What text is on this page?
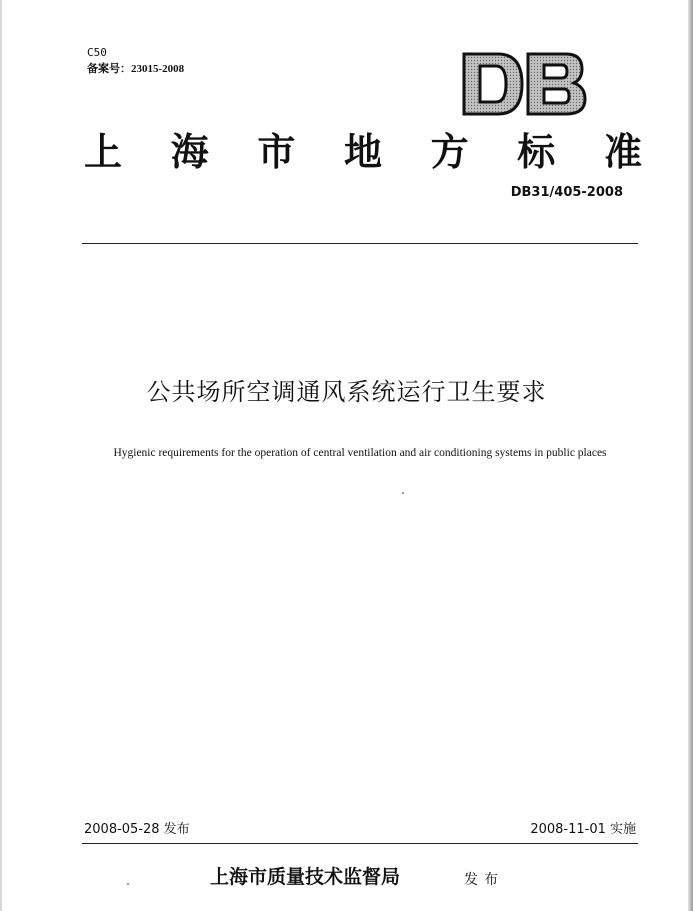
C50
备案号：23015-2008
上 海 市 地 方 标 准
DB31/405-2008
公共场所空调通风系统运行卫生要求
Hygienic requirements for the operation of central ventilation and air conditioning systems in public places
2008-05-28 发布	2008-11-01 实施
上海市质量技术监督局	发布
